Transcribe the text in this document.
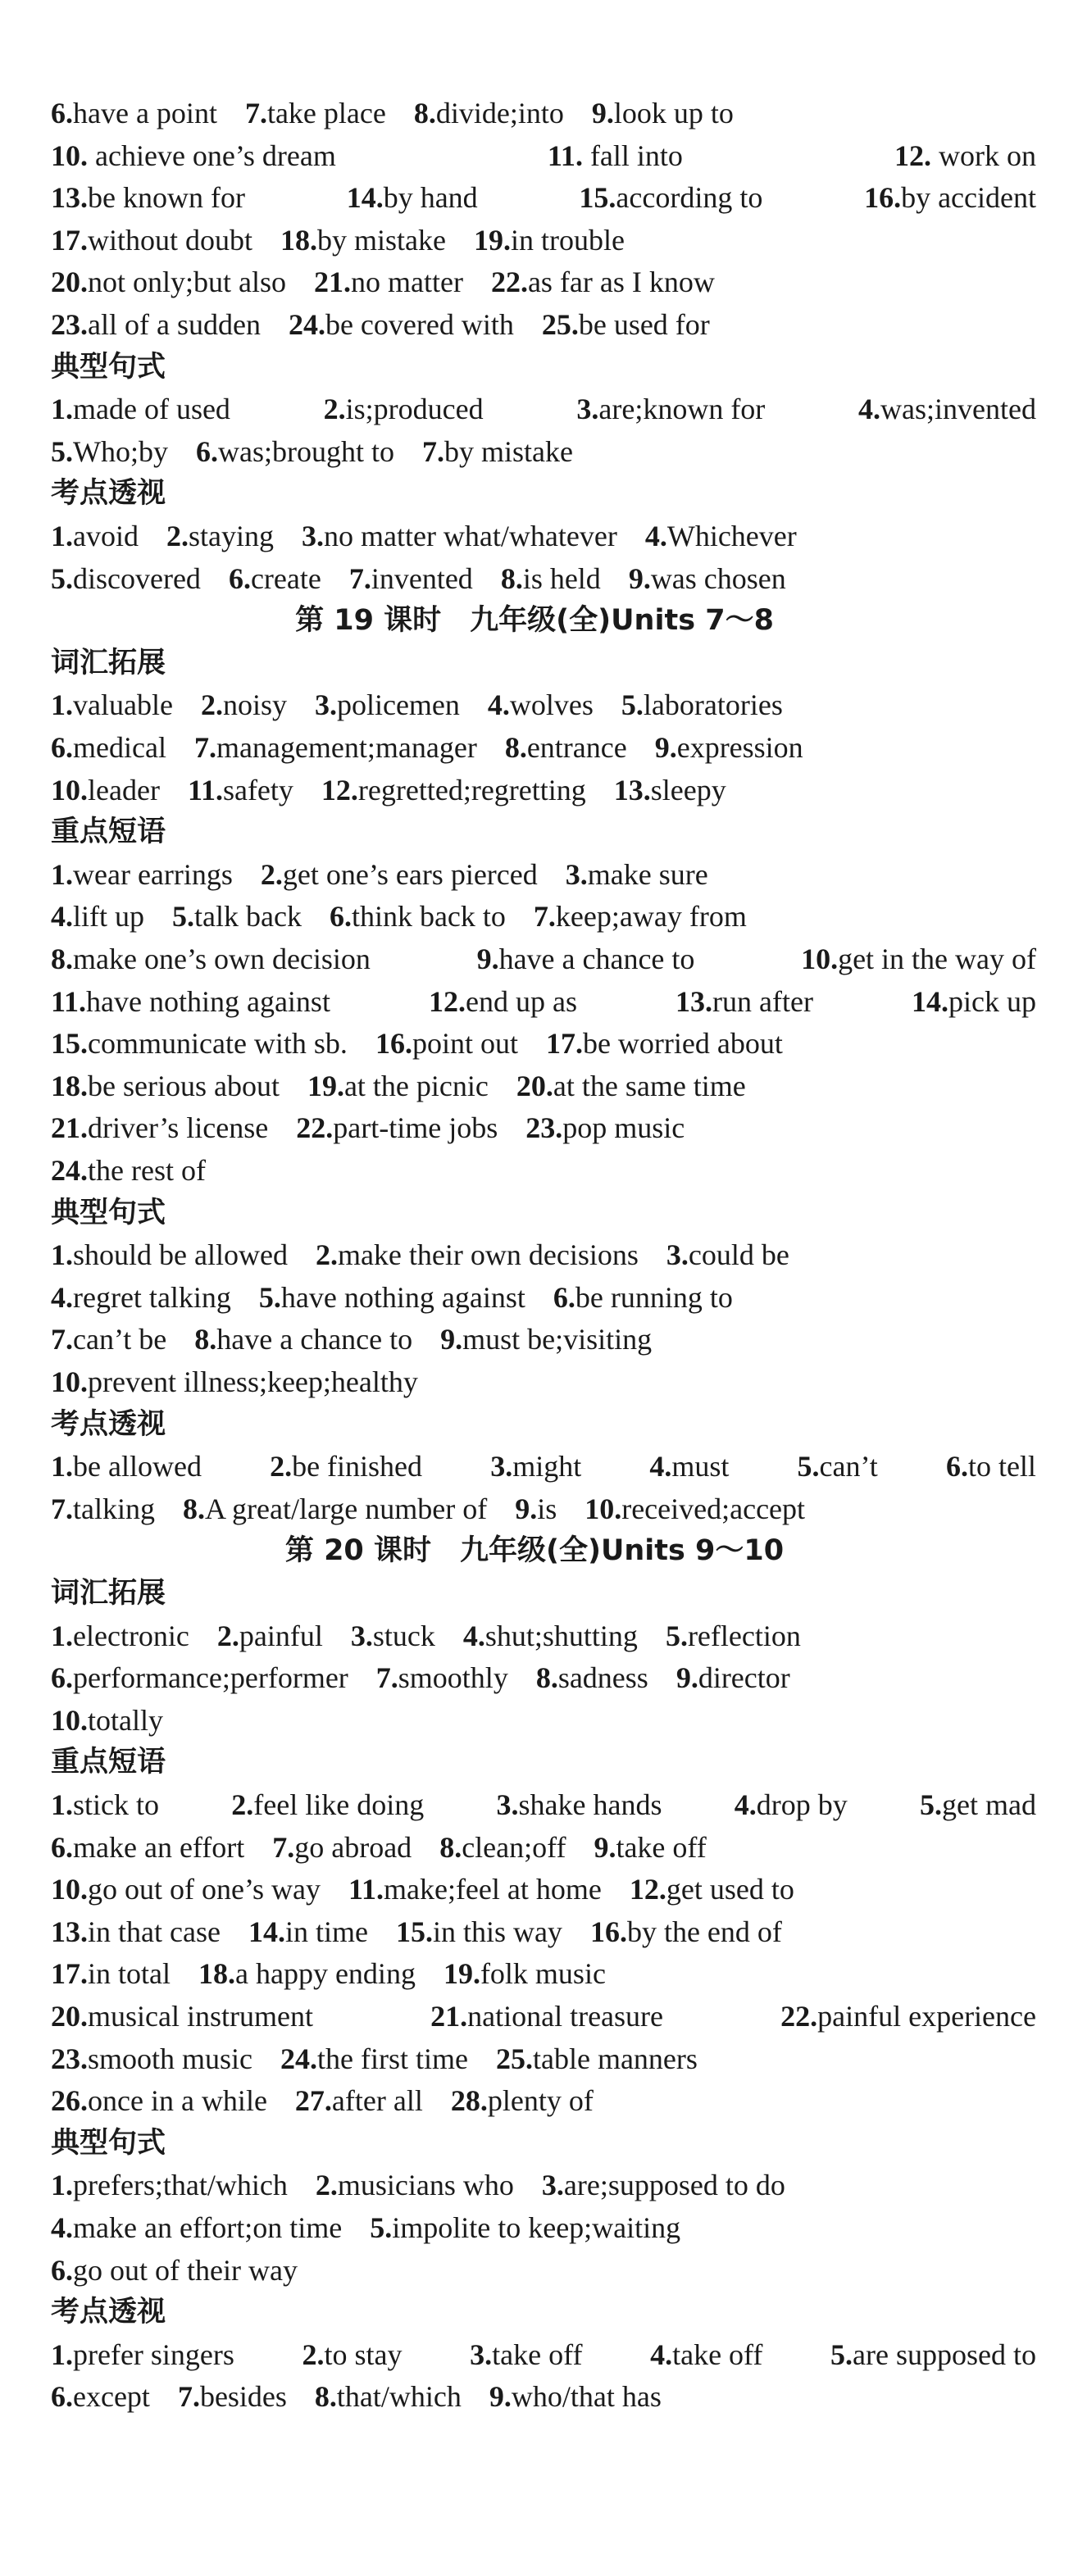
6.have a point 7.take place 8.divide;into 9.look up to
10. achieve one’s dream	11. fall into	12. work on
13.be known for	14.by hand	15.according to	16.by accident
17.without doubt 18.by mistake 19.in trouble
20.not only;but also 21.no matter 22.as far as I know
23.all of a sudden 24.be covered with 25.be used for
典型句式
1.made of used	2.is;produced	3.are;known for	4.was;invented
5.Who;by 6.was;brought to 7.by mistake
考点透视
1.avoid 2.staying 3.no matter what/whatever 4.Whichever
5.discovered 6.create 7.invented 8.is held 9.was chosen
第 19 课时　九年级(全)Units 7～8
词汇拓展
1.valuable 2.noisy 3.policemen 4.wolves 5.laboratories
6.medical 7.management;manager 8.entrance 9.expression
10.leader 11.safety 12.regretted;regretting 13.sleepy
重点短语
1.wear earrings 2.get one’s ears pierced 3.make sure
4.lift up 5.talk back 6.think back to 7.keep;away from
8.make one’s own decision	9.have a chance to	10.get in the way of
11.have nothing against	12.end up as	13.run after	14.pick up
15.communicate with sb. 16.point out 17.be worried about
18.be serious about 19.at the picnic 20.at the same time
21.driver’s license 22.part-time jobs 23.pop music
24.the rest of
典型句式
1.should be allowed 2.make their own decisions 3.could be
4.regret talking 5.have nothing against 6.be running to
7.can’t be 8.have a chance to 9.must be;visiting
10.prevent illness;keep;healthy
考点透视
1.be allowed 2.be finished 3.might 4.must 5.can’t 6.to tell
7.talking 8.A great/large number of 9.is 10.received;accept
第 20 课时　九年级(全)Units 9～10
词汇拓展
1.electronic 2.painful 3.stuck 4.shut;shutting 5.reflection
6.performance;performer 7.smoothly 8.sadness 9.director
10.totally
重点短语
1.stick to 2.feel like doing 3.shake hands 4.drop by 5.get mad
6.make an effort 7.go abroad 8.clean;off 9.take off
10.go out of one’s way 11.make;feel at home 12.get used to
13.in that case 14.in time 15.in this way 16.by the end of
17.in total 18.a happy ending 19.folk music
20.musical instrument	21.national treasure	22.painful experience
23.smooth music 24.the first time 25.table manners
26.once in a while 27.after all 28.plenty of
典型句式
1.prefers;that/which 2.musicians who 3.are;supposed to do
4.make an effort;on time 5.impolite to keep;waiting
6.go out of their way
考点透视
1.prefer singers 2.to stay 3.take off 4.take off 5.are supposed to
6.except 7.besides 8.that/which 9.who/that has
